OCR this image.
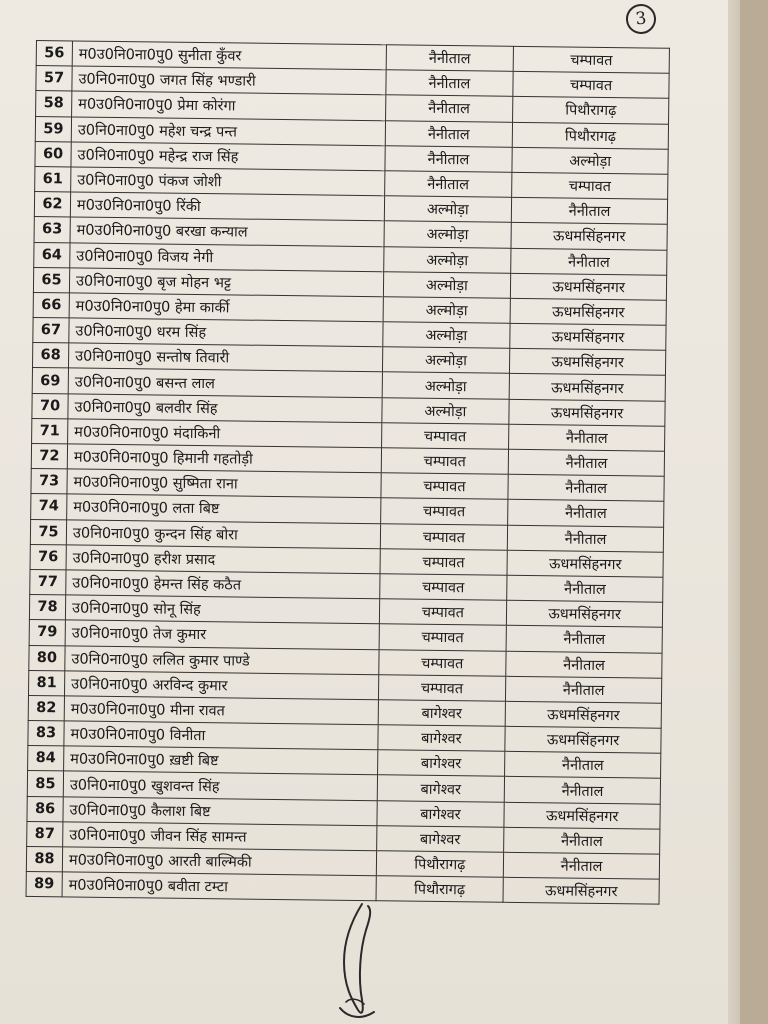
3
56	म0उ0नि0ना0पु0 सुनीता कुँवर	नैनीताल	चम्पावत
57	उ0नि0ना0पु0 जगत सिंह भण्डारी	नैनीताल	चम्पावत
58	म0उ0नि0ना0पु0 प्रेमा कोरंगा	नैनीताल	पिथौरागढ़
59	उ0नि0ना0पु0 महेश चन्द्र पन्त	नैनीताल	पिथौरागढ़
60	उ0नि0ना0पु0 महेन्द्र राज सिंह	नैनीताल	अल्मोड़ा
61	उ0नि0ना0पु0 पंकज जोशी	नैनीताल	चम्पावत
62	म0उ0नि0ना0पु0 रिंकी	अल्मोड़ा	नैनीताल
63	म0उ0नि0ना0पु0 बरखा कन्याल	अल्मोड़ा	ऊधमसिंहनगर
64	उ0नि0ना0पु0 विजय नेगी	अल्मोड़ा	नैनीताल
65	उ0नि0ना0पु0 बृज मोहन भट्ट	अल्मोड़ा	ऊधमसिंहनगर
66	म0उ0नि0ना0पु0 हेमा कार्की	अल्मोड़ा	ऊधमसिंहनगर
67	उ0नि0ना0पु0 धरम सिंह	अल्मोड़ा	ऊधमसिंहनगर
68	उ0नि0ना0पु0 सन्तोष तिवारी	अल्मोड़ा	ऊधमसिंहनगर
69	उ0नि0ना0पु0 बसन्त लाल	अल्मोड़ा	ऊधमसिंहनगर
70	उ0नि0ना0पु0 बलवीर सिंह	अल्मोड़ा	ऊधमसिंहनगर
71	म0उ0नि0ना0पु0 मंदाकिनी	चम्पावत	नैनीताल
72	म0उ0नि0ना0पु0 हिमानी गहतोड़ी	चम्पावत	नैनीताल
73	म0उ0नि0ना0पु0 सुष्मिता राना	चम्पावत	नैनीताल
74	म0उ0नि0ना0पु0 लता बिष्ट	चम्पावत	नैनीताल
75	उ0नि0ना0पु0 कुन्दन सिंह बोरा	चम्पावत	नैनीताल
76	उ0नि0ना0पु0 हरीश प्रसाद	चम्पावत	ऊधमसिंहनगर
77	उ0नि0ना0पु0 हेमन्त सिंह कठैत	चम्पावत	नैनीताल
78	उ0नि0ना0पु0 सोनू सिंह	चम्पावत	ऊधमसिंहनगर
79	उ0नि0ना0पु0 तेज कुमार	चम्पावत	नैनीताल
80	उ0नि0ना0पु0 ललित कुमार पाण्डे	चम्पावत	नैनीताल
81	उ0नि0ना0पु0 अरविन्द कुमार	चम्पावत	नैनीताल
82	म0उ0नि0ना0पु0 मीना रावत	बागेश्वर	ऊधमसिंहनगर
83	म0उ0नि0ना0पु0 विनीता	बागेश्वर	ऊधमसिंहनगर
84	म0उ0नि0ना0पु0 ख़ष्टी बिष्ट	बागेश्वर	नैनीताल
85	उ0नि0ना0पु0 खुशवन्त सिंह	बागेश्वर	नैनीताल
86	उ0नि0ना0पु0 कैलाश बिष्ट	बागेश्वर	ऊधमसिंहनगर
87	उ0नि0ना0पु0 जीवन सिंह सामन्त	बागेश्वर	नैनीताल
88	म0उ0नि0ना0पु0 आरती बाल्मिकी	पिथौरागढ़	नैनीताल
89	म0उ0नि0ना0पु0 बवीता टम्टा	पिथौरागढ़	ऊधमसिंहनगर
